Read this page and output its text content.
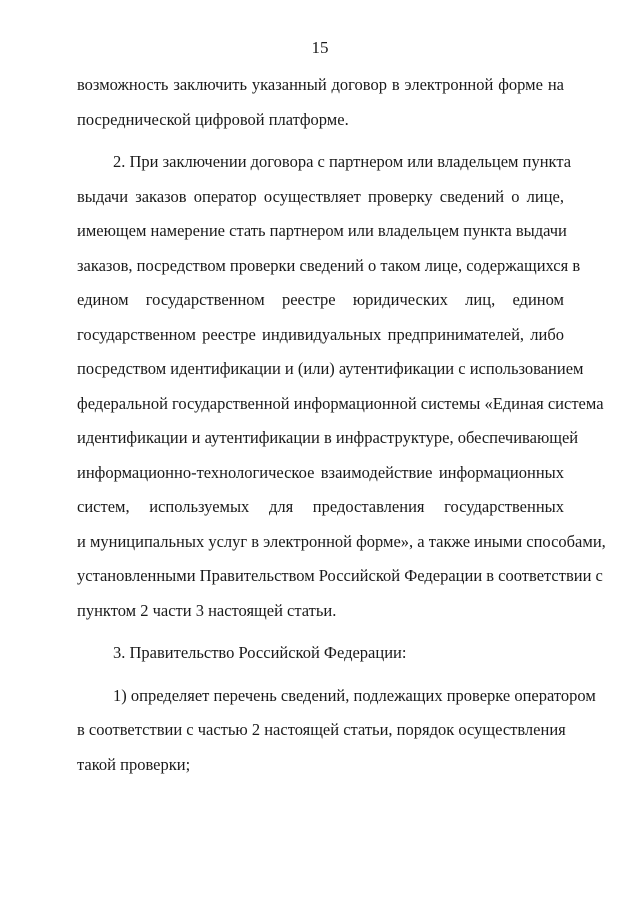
15
возможность заключить указанный договор в электронной форме на
посреднической цифровой платформе.
2. При заключении договора с партнером или владельцем пункта
выдачи заказов оператор осуществляет проверку сведений о лице,
имеющем намерение стать партнером или владельцем пункта выдачи
заказов, посредством проверки сведений о таком лице, содержащихся в
едином государственном реестре юридических лиц, едином
государственном реестре индивидуальных предпринимателей, либо
посредством идентификации и (или) аутентификации с использованием
федеральной государственной информационной системы «Единая система
идентификации и аутентификации в инфраструктуре, обеспечивающей
информационно-технологическое взаимодействие информационных
систем, используемых для предоставления государственных
и муниципальных услуг в электронной форме», а также иными способами,
установленными Правительством Российской Федерации в соответствии с
пунктом 2 части 3 настоящей статьи.
3. Правительство Российской Федерации:
1) определяет перечень сведений, подлежащих проверке оператором
в соответствии с частью 2 настоящей статьи, порядок осуществления
такой проверки;
